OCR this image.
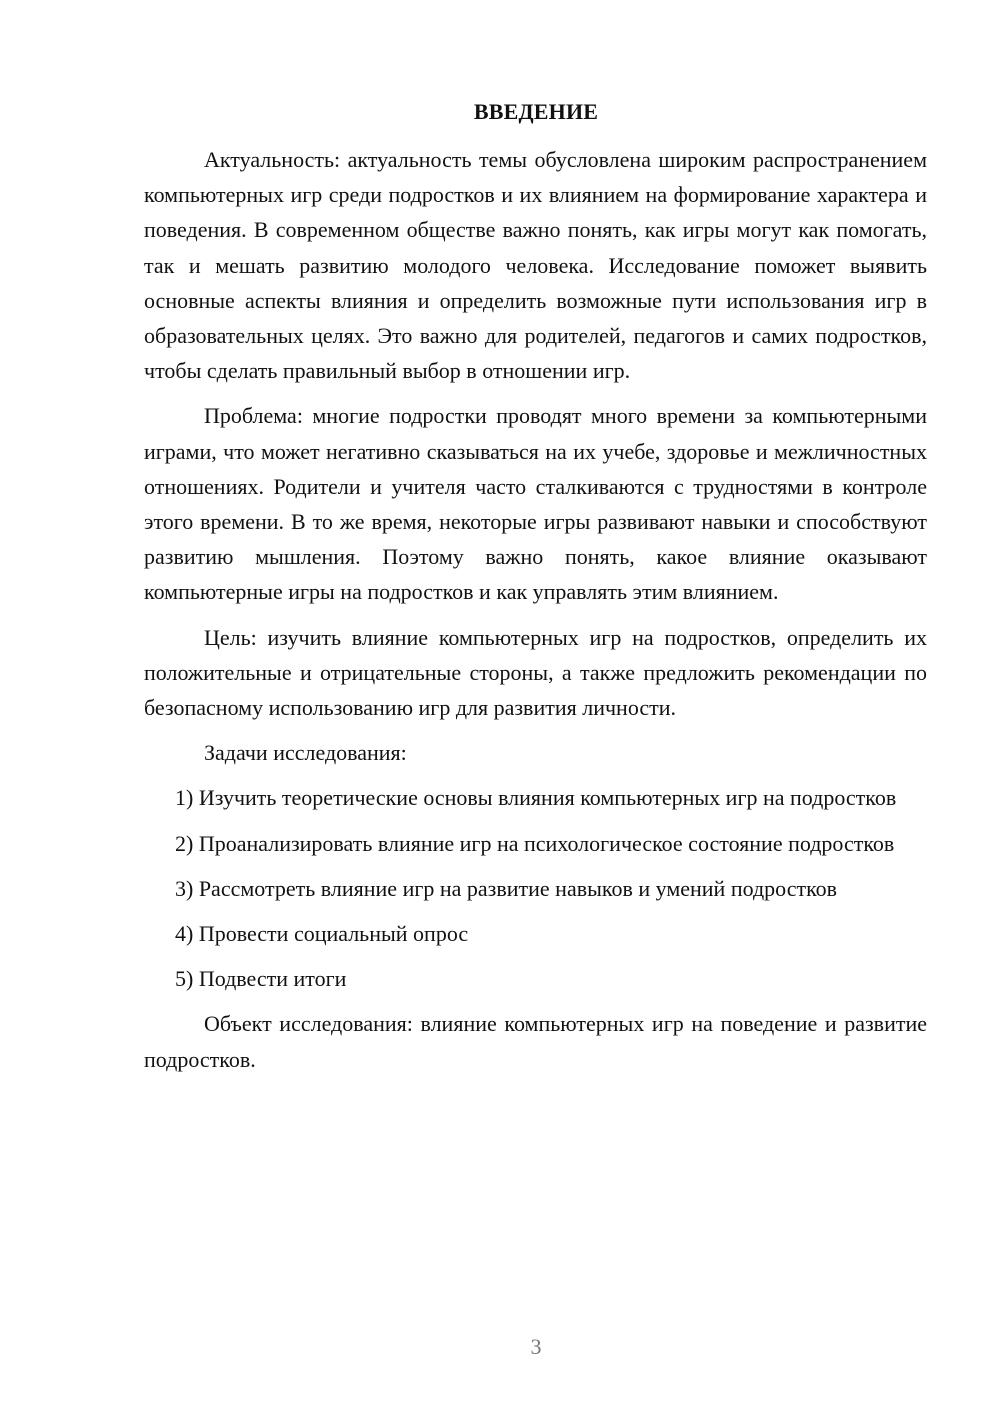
ВВЕДЕНИЕ

Актуальность: актуальность темы обусловлена широким распространением компьютерных игр среди подростков и их влиянием на формирование характера и поведения. В современном обществе важно понять, как игры могут как помогать, так и мешать развитию молодого человека. Исследование поможет выявить основные аспекты влияния и определить возможные пути использования игр в образовательных целях. Это важно для родителей, педагогов и самих подростков, чтобы сделать правильный выбор в отношении игр.

Проблема: многие подростки проводят много времени за компьютерными играми, что может негативно сказываться на их учебе, здоровье и межличностных отношениях. Родители и учителя часто сталкиваются с трудностями в контроле этого времени. В то же время, некоторые игры развивают навыки и способствуют развитию мышления. Поэтому важно понять, какое влияние оказывают компьютерные игры на подростков и как управлять этим влиянием.

Цель: изучить влияние компьютерных игр на подростков, определить их положительные и отрицательные стороны, а также предложить рекомендации по безопасному использованию игр для развития личности.

Задачи исследования:

1) Изучить теоретические основы влияния компьютерных игр на подростков

2) Проанализировать влияние игр на психологическое состояние подростков

3) Рассмотреть влияние игр на развитие навыков и умений подростков

4) Провести социальный опрос

5) Подвести итоги

Объект исследования: влияние компьютерных игр на поведение и развитие подростков.

3
